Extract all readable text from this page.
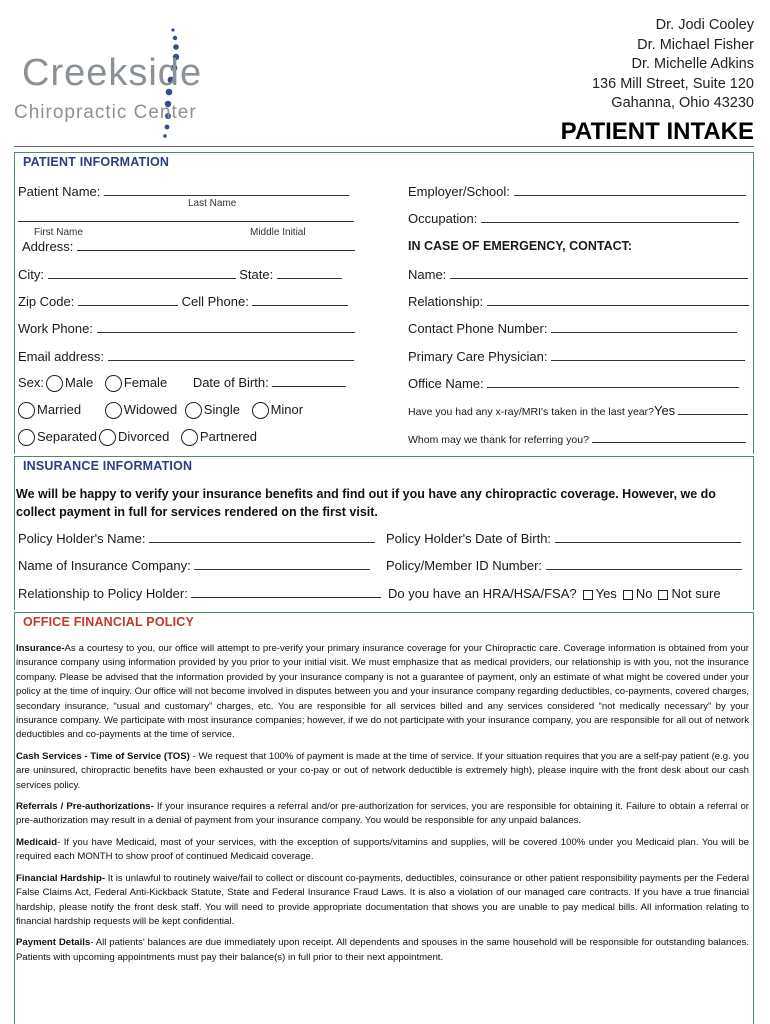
Creekside
Chiropractic Center
Dr. Jodi Cooley
Dr. Michael Fisher
Dr. Michelle Adkins
136 Mill Street, Suite 120
Gahanna, Ohio 43230
PATIENT INTAKE
PATIENT INFORMATION
Patient Name:
Last Name
First Name	Middle Initial
Address:
City:	State:
Zip Code:	Cell Phone:
Work Phone:
Email address:
Sex: Male Female Date of Birth:
Married	Widowed Single Minor
Separated Divorced Partnered
Employer/School:
Occupation:
IN CASE OF EMERGENCY, CONTACT:
Name:
Relationship:
Contact Phone Number:
Primary Care Physician:
Office Name:
Have you had any x-ray/MRI's taken in the last year?Yes
Whom may we thank for referring you?
INSURANCE INFORMATION
We will be happy to verify your insurance benefits and find out if you have any chiropractic coverage. However, we do collect payment in full for services rendered on the first visit.
Policy Holder's Name:	Policy Holder's Date of Birth:
Name of Insurance Company:	Policy/Member ID Number:
Relationship to Policy Holder:	Do you have an HRA/HSA/FSA? Yes No Not sure
OFFICE FINANCIAL POLICY

Insurance-As a courtesy to you, our office will attempt to pre-verify your primary insurance coverage for your Chiropractic care. Coverage information is obtained from your insurance company using information provided by you prior to your initial visit. We must emphasize that as medical providers, our relationship is with you, not the insurance company. Please be advised that the information provided by your insurance company is not a guarantee of payment, only an estimate of what might be covered under your policy at the time of inquiry. Our office will not become involved in disputes between you and your insurance company regarding deductibles, co-payments, covered charges, secondary insurance, “usual and customary” charges, etc. You are responsible for all services billed and any services considered “not medically necessary” by your insurance company. We participate with most insurance companies; however, if we do not participate with your insurance company, you are responsible for all out of network deductibles and co-payments at the time of service.

Cash Services - Time of Service (TOS) - We request that 100% of payment is made at the time of service. If your situation requires that you are a self-pay patient (e.g. you are uninsured, chiropractic benefits have been exhausted or your co-pay or out of network deductible is extremely high), please inquire with the front desk about our cash services policy.

Referrals / Pre-authorizations- If your insurance requires a referral and/or pre-authorization for services, you are responsible for obtaining it. Failure to obtain a referral or pre-authorization may result in a denial of payment from your insurance company. You would be responsible for any unpaid balances.

Medicaid- If you have Medicaid, most of your services, with the exception of supports/vitamins and supplies, will be covered 100% under you Medicaid plan. You will be required each MONTH to show proof of continued Medicaid coverage.

Financial Hardship- It is unlawful to routinely waive/fail to collect or discount co-payments, deductibles, coinsurance or other patient responsibility payments per the Federal False Claims Act, Federal Anti-Kickback Statute, State and Federal Insurance Fraud Laws. It is also a violation of our managed care contracts. If you have a true financial hardship, please notify the front desk staff. You will need to provide appropriate documentation that shows you are unable to pay medical bills. All information relating to financial hardship requests will be kept confidential.

Payment Details- All patients' balances are due immediately upon receipt. All dependents and spouses in the same household will be responsible for outstanding balances. Patients with upcoming appointments must pay their balance(s) in full prior to their next appointment.
